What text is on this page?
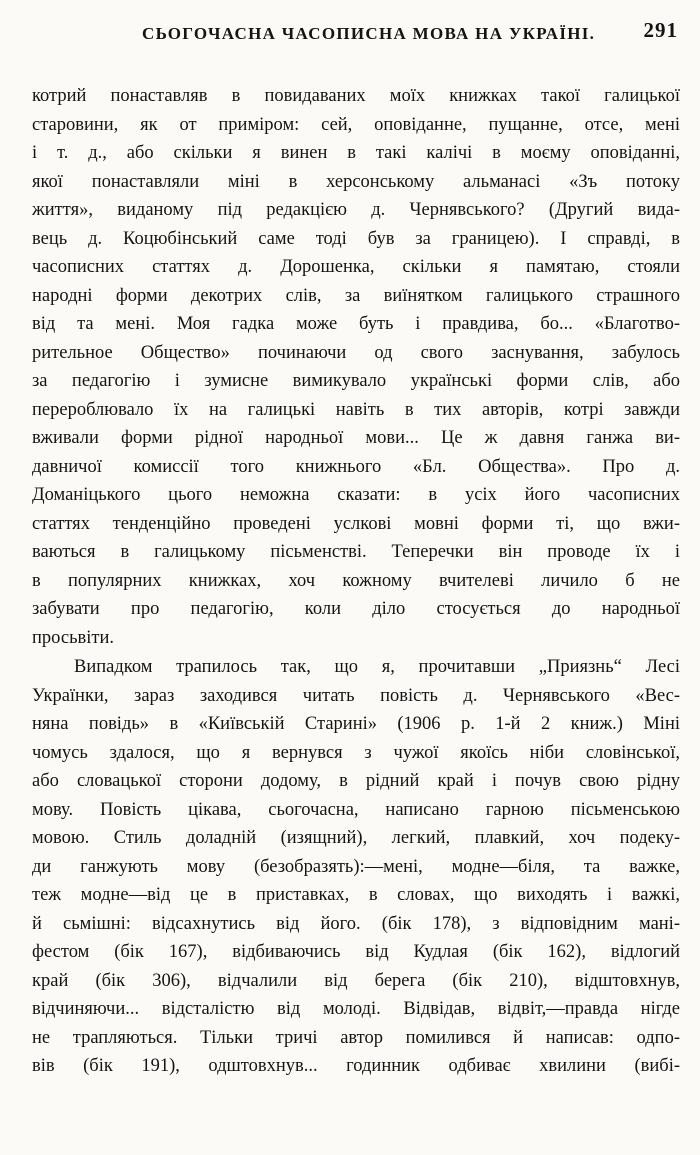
СЬОГОЧАСНА ЧАСОПИСНА МОВА НА УКРАЇНІ. 291

котрий понаставляв в повидаваних моїх книжках такої галицької
старовини, як от примiром: сей, оповiданне, пущанне, отсе, менi
i т. д., або скiльки я винен в такi калiчi в моєму оповiданнi,
якої понаставляли мiнi в херсонському альманасi «Зъ потоку
життя», виданому пiд редакцiєю д. Чернявського? (Другий вида-
вець д. Коцюбiнський саме тодi був за границею). I справдi, в
часописних статтях д. Дорошенка, скiльки я памятаю, стояли
народнi форми декотрих слiв, за виїнятком галицького страшного
вiд та менi. Моя гадка може буть i правдива, бо... «Благотво-
рительное Общество» починаючи од свого заснування, забулось
за педагогiю i зумисне вимикувало українськi форми слiв, або
перероблювало їх на галицькi навiть в тих авторiв, котрi завжди
вживали форми рiдної народньої мови... Це ж давня ганжа ви-
давничої комиссiї того книжнього «Бл. Общества». Про д.
Доманiцького цього неможна сказати: в усiх його часописних
статтях тенденцiйно проведенi услковi мовнi форми тi, що вжи-
ваються в галицькому пiсьменствi. Теперечки вiн проводе їх i
в популярних книжках, хоч кожному вчителевi личило б не
забувати про педагогiю, коли дiло стосується до народньої
просьвiти.

Випадком трапилось так, що я, прочитавши „Приязнь“ Лесi
Українки, зараз заходився читать повiсть д. Чернявського «Вес-
няна повiдь» в «Київськiй Старинi» (1906 р. 1-й 2 книж.) Мiнi
чомусь здалося, що я вернувся з чужої якоїсь нiби словiнської,
або словацької сторони додому, в рiдний край i почув свою рiдну
мову. Повiсть цiкава, сьогочасна, написано гарною пiсьменською
мовою. Стиль доладнiй (изящний), легкий, плавкий, хоч подеку-
ди ганжують мову (безобразять):—менi, модне—бiля, та важке,
теж модне—вiд це в приставках, в словах, що виходять i важкi,
й сьмiшнi: вiдсахнутись вiд його. (бiк 178), з вiдповiдним манi-
фестом (бiк 167), вiдбиваючись вiд Кудлая (бiк 162), вiдлогий
край (бiк 306), вiдчалили вiд берега (бiк 210), вiдштовхнув,
вiдчиняючи... вiдсталiстю вiд молодi. Вiдвiдав, вiдвiт,—правда нiгде
не трапляються. Тiльки тричi автор помилився й написав: одпо-
вiв (бiк 191), одштовхнув... годинник одбиває хвилини (вибi-
